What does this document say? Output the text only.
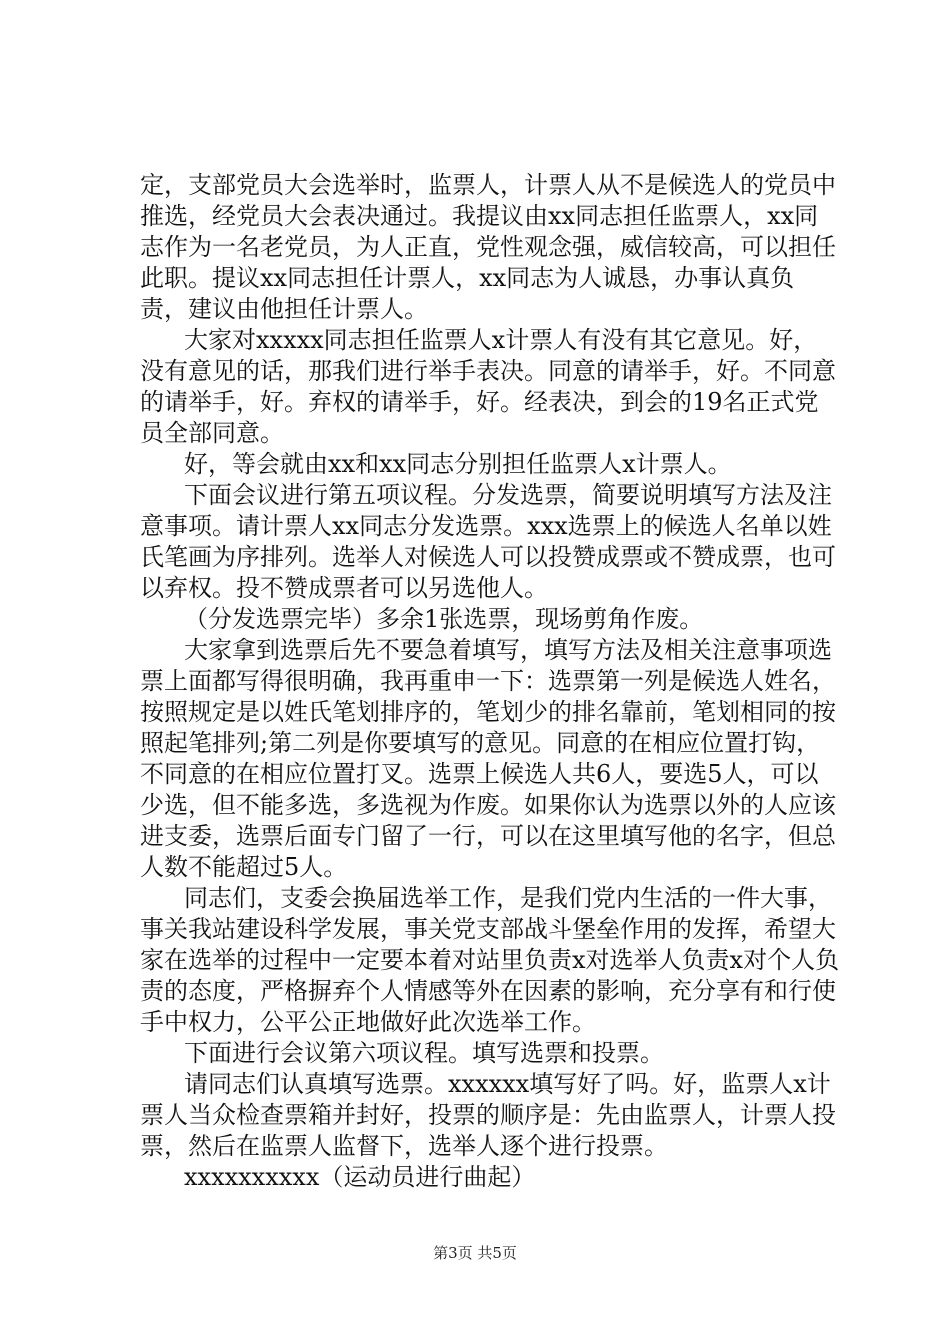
定，支部党员大会选举时，监票人，计票人从不是候选人的党员中推选，经党员大会表决通过。我提议由xx同志担任监票人，xx同志作为一名老党员，为人正直，党性观念强，威信较高，可以担任此职。提议xx同志担任计票人，xx同志为人诚恳，办事认真负责，建议由他担任计票人。

大家对xxxxx同志担任监票人x计票人有没有其它意见。好，没有意见的话，那我们进行举手表决。同意的请举手，好。不同意的请举手，好。弃权的请举手，好。经表决，到会的19名正式党员全部同意。

好，等会就由xx和xx同志分别担任监票人x计票人。

下面会议进行第五项议程。分发选票，简要说明填写方法及注意事项。请计票人xx同志分发选票。xxx选票上的候选人名单以姓氏笔画为序排列。选举人对候选人可以投赞成票或不赞成票，也可以弃权。投不赞成票者可以另选他人。

（分发选票完毕）多余1张选票，现场剪角作废。

大家拿到选票后先不要急着填写，填写方法及相关注意事项选票上面都写得很明确，我再重申一下：选票第一列是候选人姓名，按照规定是以姓氏笔划排序的，笔划少的排名靠前，笔划相同的按照起笔排列;第二列是你要填写的意见。同意的在相应位置打钩，不同意的在相应位置打叉。选票上候选人共6人，要选5人，可以少选，但不能多选，多选视为作废。如果你认为选票以外的人应该进支委，选票后面专门留了一行，可以在这里填写他的名字，但总人数不能超过5人。

同志们，支委会换届选举工作，是我们党内生活的一件大事，事关我站建设科学发展，事关党支部战斗堡垒作用的发挥，希望大家在选举的过程中一定要本着对站里负责x对选举人负责x对个人负责的态度，严格摒弃个人情感等外在因素的影响，充分享有和行使手中权力，公平公正地做好此次选举工作。

下面进行会议第六项议程。填写选票和投票。

请同志们认真填写选票。xxxxxx填写好了吗。好，监票人x计票人当众检查票箱并封好，投票的顺序是：先由监票人，计票人投票，然后在监票人监督下，选举人逐个进行投票。

xxxxxxxxxx（运动员进行曲起）

第3页 共5页
